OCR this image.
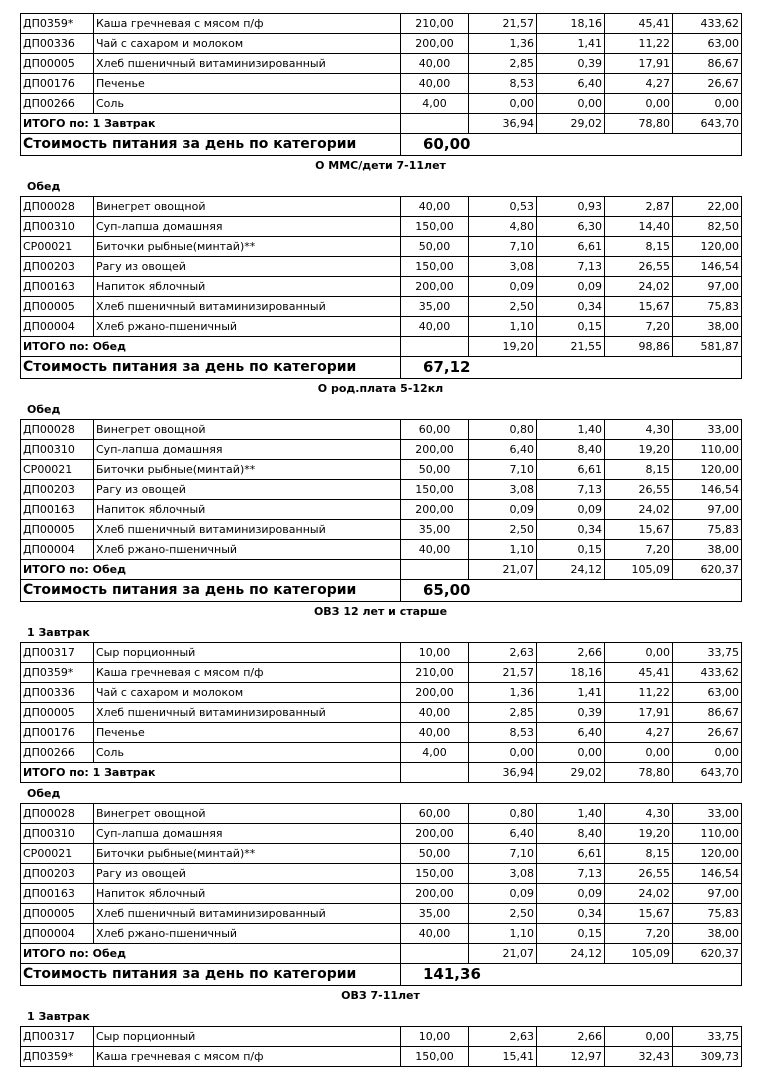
ДП0359*	Каша гречневая с мясом п/ф	210,00	21,57	18,16	45,41	433,62
ДП00336	Чай с сахаром и молоком	200,00	1,36	1,41	11,22	63,00
ДП00005	Хлеб пшеничный витаминизированный	40,00	2,85	0,39	17,91	86,67
ДП00176	Печенье	40,00	8,53	6,40	4,27	26,67
ДП00266	Соль	4,00	0,00	0,00	0,00	0,00
ИТОГО по: 1 Завтрак			36,94	29,02	78,80	643,70
Стоимость питания за день по категории		60,00				
О ММС/дети 7-11лет
Обед
ДП00028	Винегрет овощной	40,00	0,53	0,93	2,87	22,00
ДП00310	Суп-лапша домашняя	150,00	4,80	6,30	14,40	82,50
СР00021	Биточки рыбные(минтай)**	50,00	7,10	6,61	8,15	120,00
ДП00203	Рагу из овощей	150,00	3,08	7,13	26,55	146,54
ДП00163	Напиток яблочный	200,00	0,09	0,09	24,02	97,00
ДП00005	Хлеб пшеничный витаминизированный	35,00	2,50	0,34	15,67	75,83
ДП00004	Хлеб ржано-пшеничный	40,00	1,10	0,15	7,20	38,00
ИТОГО по: Обед			19,20	21,55	98,86	581,87
Стоимость питания за день по категории		67,12				
О род.плата 5-12кл
Обед
ДП00028	Винегрет овощной	60,00	0,80	1,40	4,30	33,00
ДП00310	Суп-лапша домашняя	200,00	6,40	8,40	19,20	110,00
СР00021	Биточки рыбные(минтай)**	50,00	7,10	6,61	8,15	120,00
ДП00203	Рагу из овощей	150,00	3,08	7,13	26,55	146,54
ДП00163	Напиток яблочный	200,00	0,09	0,09	24,02	97,00
ДП00005	Хлеб пшеничный витаминизированный	35,00	2,50	0,34	15,67	75,83
ДП00004	Хлеб ржано-пшеничный	40,00	1,10	0,15	7,20	38,00
ИТОГО по: Обед			21,07	24,12	105,09	620,37
Стоимость питания за день по категории		65,00				
ОВЗ 12 лет и старше
1 Завтрак
ДП00317	Сыр порционный	10,00	2,63	2,66	0,00	33,75
ДП0359*	Каша гречневая с мясом п/ф	210,00	21,57	18,16	45,41	433,62
ДП00336	Чай с сахаром и молоком	200,00	1,36	1,41	11,22	63,00
ДП00005	Хлеб пшеничный витаминизированный	40,00	2,85	0,39	17,91	86,67
ДП00176	Печенье	40,00	8,53	6,40	4,27	26,67
ДП00266	Соль	4,00	0,00	0,00	0,00	0,00
ИТОГО по: 1 Завтрак			36,94	29,02	78,80	643,70
Обед
ДП00028	Винегрет овощной	60,00	0,80	1,40	4,30	33,00
ДП00310	Суп-лапша домашняя	200,00	6,40	8,40	19,20	110,00
СР00021	Биточки рыбные(минтай)**	50,00	7,10	6,61	8,15	120,00
ДП00203	Рагу из овощей	150,00	3,08	7,13	26,55	146,54
ДП00163	Напиток яблочный	200,00	0,09	0,09	24,02	97,00
ДП00005	Хлеб пшеничный витаминизированный	35,00	2,50	0,34	15,67	75,83
ДП00004	Хлеб ржано-пшеничный	40,00	1,10	0,15	7,20	38,00
ИТОГО по: Обед			21,07	24,12	105,09	620,37
Стоимость питания за день по категории		141,36				
ОВЗ 7-11лет
1 Завтрак
ДП00317	Сыр порционный	10,00	2,63	2,66	0,00	33,75
ДП0359*	Каша гречневая с мясом п/ф	150,00	15,41	12,97	32,43	309,73
